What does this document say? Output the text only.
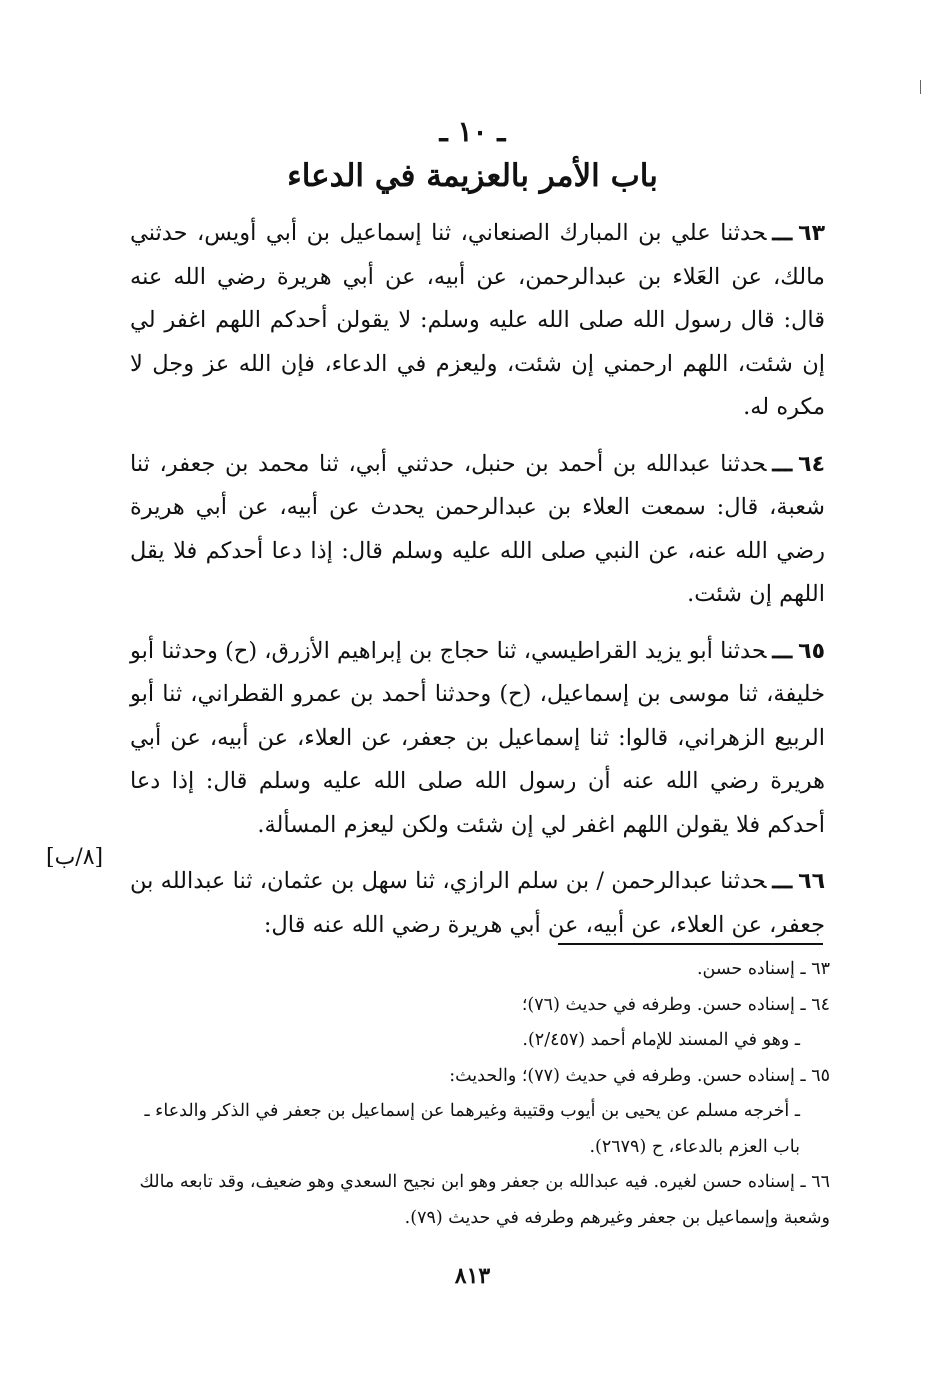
ـ ١٠ ـ
باب الأمر بالعزيمة في الدعاء

٦٣ـــحدثنا علي بن المبارك الصنعاني، ثنا إسماعيل بن أبي أويس، حدثني مالك، عن العَلاء بن عبدالرحمن، عن أبيه، عن أبي هريرة رضي الله عنه قال: قال رسول الله صلى الله عليه وسلم: لا يقولن أحدكم اللهم اغفر لي إن شئت، اللهم ارحمني إن شئت، وليعزم في الدعاء، فإن الله عز وجل لا مكره له.

٦٤ـــحدثنا عبدالله بن أحمد بن حنبل، حدثني أبي، ثنا محمد بن جعفر، ثنا شعبة، قال: سمعت العلاء بن عبدالرحمن يحدث عن أبيه، عن أبي هريرة رضي الله عنه، عن النبي صلى الله عليه وسلم قال: إذا دعا أحدكم فلا يقل اللهم إن شئت.

٦٥ـــحدثنا أبو يزيد القراطيسي، ثنا حجاج بن إبراهيم الأزرق، (ح) وحدثنا أبو خليفة، ثنا موسى بن إسماعيل، (ح) وحدثنا أحمد بن عمرو القطراني، ثنا أبو الربيع الزهراني، قالوا: ثنا إسماعيل بن جعفر، عن العلاء، عن أبيه، عن أبي هريرة رضي الله عنه أن رسول الله صلى الله عليه وسلم قال: إذا دعا أحدكم فلا يقولن اللهم اغفر لي إن شئت ولكن ليعزم المسألة.

٦٦ـــحدثنا عبدالرحمن / بن سلم الرازي، ثنا سهل بن عثمان، ثنا عبدالله بن جعفر، عن العلاء، عن أبيه، عن أبي هريرة رضي الله عنه قال:

[٨/ب]

٦٣ ـ إسناده حسن.

٦٤ ـ إسناده حسن. وطرفه في حديث (٧٦)؛

ـ وهو في المسند للإمام أحمد (٢/٤٥٧).

٦٥ ـ إسناده حسن. وطرفه في حديث (٧٧)؛ والحديث:

ـ أخرجه مسلم عن يحيى بن أيوب وقتيبة وغيرهما عن إسماعيل بن جعفر في الذكر والدعاء ـ باب العزم بالدعاء، ح (٢٦٧٩).

٦٦ ـ إسناده حسن لغيره. فيه عبدالله بن جعفر وهو ابن نجيح السعدي وهو ضعيف، وقد تابعه مالك وشعبة وإسماعيل بن جعفر وغيرهم وطرفه في حديث (٧٩).

٨١٣
